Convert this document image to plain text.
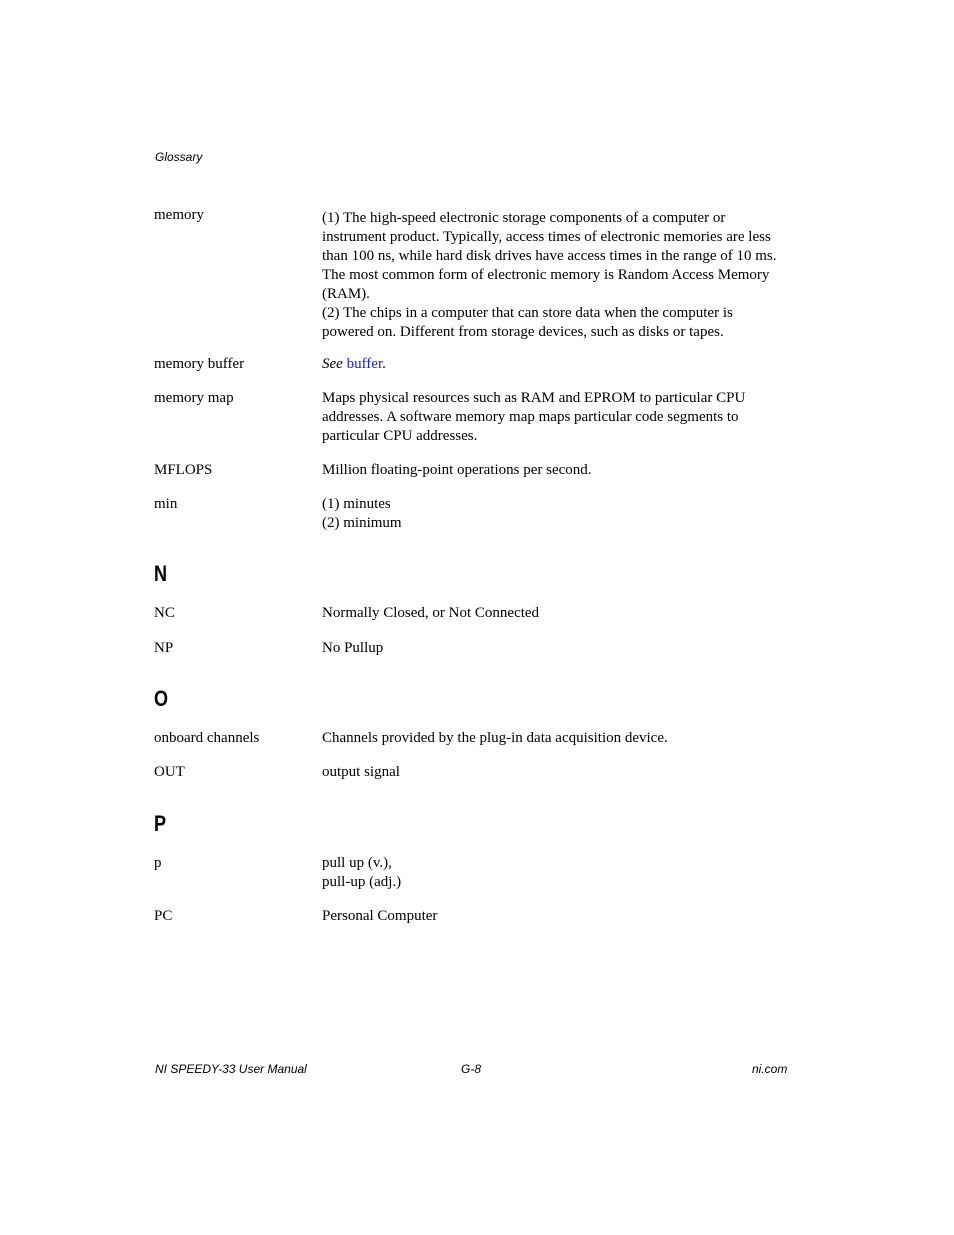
Glossary
memory	(1) The high-speed electronic storage components of a computer or
instrument product. Typically, access times of electronic memories are less
than 100 ns, while hard disk drives have access times in the range of 10 ms.
The most common form of electronic memory is Random Access Memory
(RAM).
(2) The chips in a computer that can store data when the computer is
powered on. Different from storage devices, such as disks or tapes.
memory buffer	See buffer.
memory map	Maps physical resources such as RAM and EPROM to particular CPU
addresses. A software memory map maps particular code segments to
particular CPU addresses.
MFLOPS	Million floating-point operations per second.
min	(1) minutes
(2) minimum
N
NC	Normally Closed, or Not Connected
NP	No Pullup
O
onboard channels	Channels provided by the plug-in data acquisition device.
OUT	output signal
P
p	pull up (v.),
pull-up (adj.)
PC	Personal Computer
NI SPEEDY-33 User Manual	G-8	ni.com
